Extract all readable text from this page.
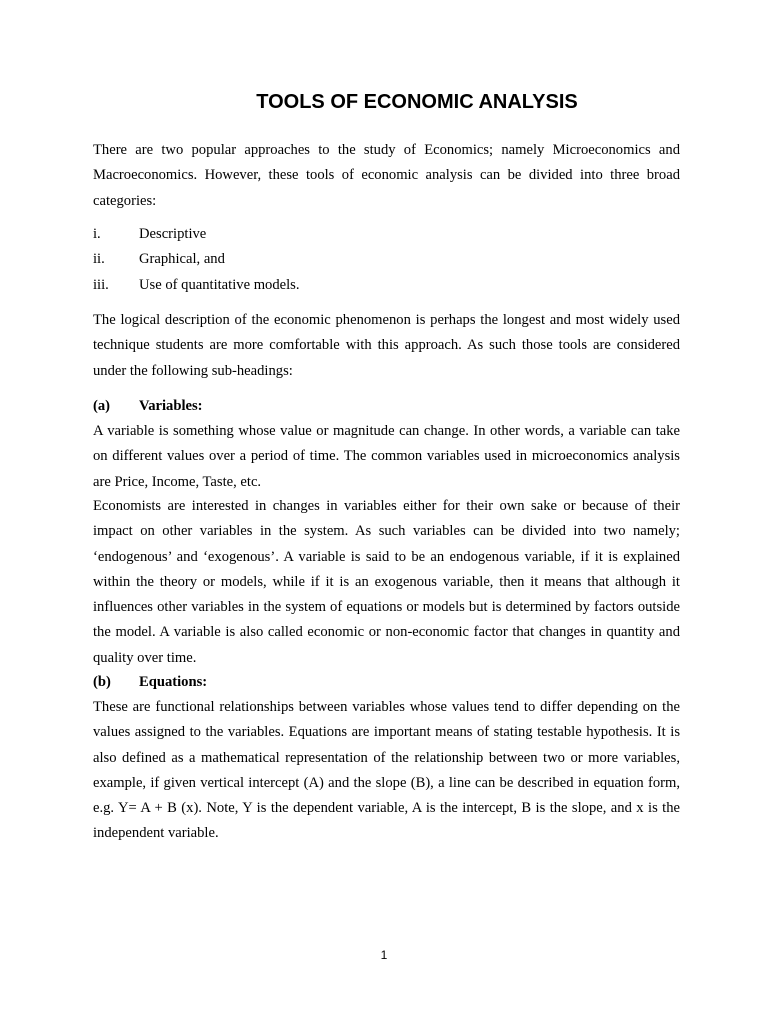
TOOLS OF ECONOMIC ANALYSIS

There are two popular approaches to the study of Economics; namely Microeconomics and Macroeconomics. However, these tools of economic analysis can be divided into three broad categories:

i.	Descriptive
ii.	Graphical, and
iii.	Use of quantitative models.

The logical description of the economic phenomenon is perhaps the longest and most widely used technique students are more comfortable with this approach. As such those tools are considered under the following sub-headings:

(a)	Variables:

A variable is something whose value or magnitude can change. In other words, a variable can take on different values over a period of time. The common variables used in microeconomics analysis are Price, Income, Taste, etc.

Economists are interested in changes in variables either for their own sake or because of their impact on other variables in the system. As such variables can be divided into two namely; ‘endogenous’ and ‘exogenous’. A variable is said to be an endogenous variable, if it is explained within the theory or models, while if it is an exogenous variable, then it means that although it influences other variables in the system of equations or models but is determined by factors outside the model. A variable is also called economic or non-economic factor that changes in quantity and quality over time.

(b)	Equations:

These are functional relationships between variables whose values tend to differ depending on the values assigned to the variables. Equations are important means of stating testable hypothesis. It is also defined as a mathematical representation of the relationship between two or more variables, example, if given vertical intercept (A) and the slope (B), a line can be described in equation form, e.g. Y= A + B (x). Note, Y is the dependent variable, A is the intercept, B is the slope, and x is the independent variable.

1
